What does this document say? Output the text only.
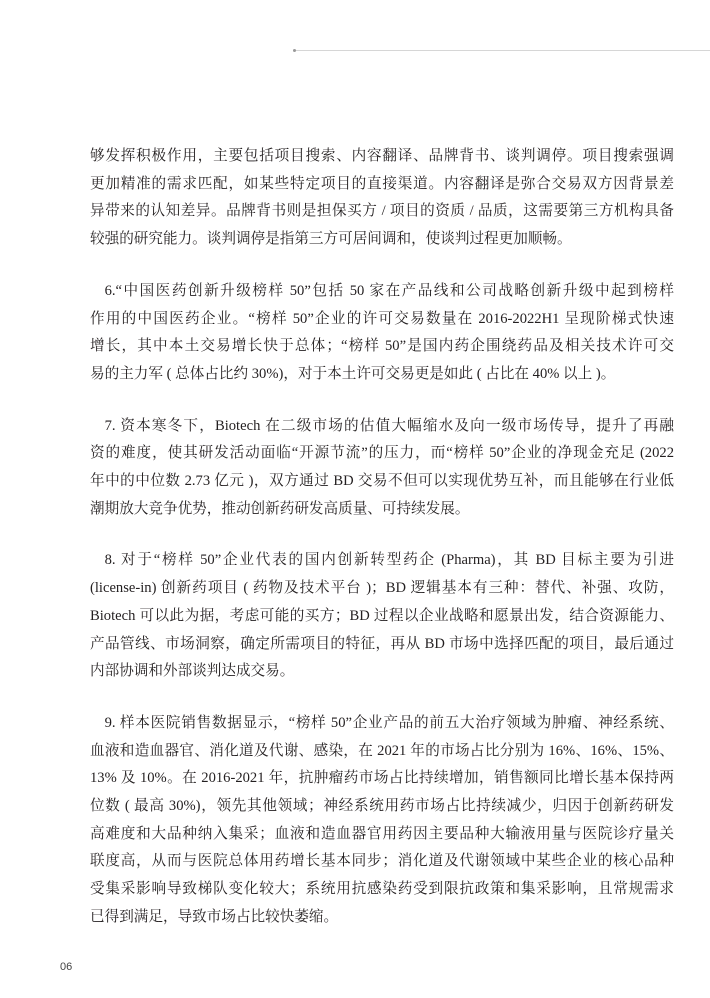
够发挥积极作用，主要包括项目搜索、内容翻译、品牌背书、谈判调停。项目搜索强调
更加精准的需求匹配，如某些特定项目的直接渠道。内容翻译是弥合交易双方因背景差
异带来的认知差异。品牌背书则是担保买方 / 项目的资质 / 品质，这需要第三方机构具备
较强的研究能力。谈判调停是指第三方可居间调和，使谈判过程更加顺畅。
6.“中国医药创新升级榜样 50”包括 50 家在产品线和公司战略创新升级中起到榜样
作用的中国医药企业。“榜样 50”企业的许可交易数量在 2016-2022H1 呈现阶梯式快速
增长，其中本土交易增长快于总体；“榜样 50”是国内药企围绕药品及相关技术许可交
易的主力军 ( 总体占比约 30%)，对于本土许可交易更是如此 ( 占比在 40% 以上 )。
7. 资本寒冬下，Biotech 在二级市场的估值大幅缩水及向一级市场传导，提升了再融
资的难度，使其研发活动面临“开源节流”的压力，而“榜样 50”企业的净现金充足 (2022
年中的中位数 2.73 亿元 )，双方通过 BD 交易不但可以实现优势互补，而且能够在行业低
潮期放大竞争优势，推动创新药研发高质量、可持续发展。
8. 对于“榜样 50”企业代表的国内创新转型药企 (Pharma)，其 BD 目标主要为引进
(license-in) 创新药项目 ( 药物及技术平台 )；BD 逻辑基本有三种：替代、补强、攻防，
Biotech 可以此为据，考虑可能的买方；BD 过程以企业战略和愿景出发，结合资源能力、
产品管线、市场洞察，确定所需项目的特征，再从 BD 市场中选择匹配的项目，最后通过
内部协调和外部谈判达成交易。
9. 样本医院销售数据显示，“榜样 50”企业产品的前五大治疗领域为肿瘤、神经系统、
血液和造血器官、消化道及代谢、感染，在 2021 年的市场占比分别为 16%、16%、15%、
13% 及 10%。在 2016-2021 年，抗肿瘤药市场占比持续增加，销售额同比增长基本保持两
位数 ( 最高 30%)，领先其他领域；神经系统用药市场占比持续减少，归因于创新药研发
高难度和大品种纳入集采；血液和造血器官用药因主要品种大输液用量与医院诊疗量关
联度高，从而与医院总体用药增长基本同步；消化道及代谢领域中某些企业的核心品种
受集采影响导致梯队变化较大；系统用抗感染药受到限抗政策和集采影响，且常规需求
已得到满足，导致市场占比较快萎缩。
06
